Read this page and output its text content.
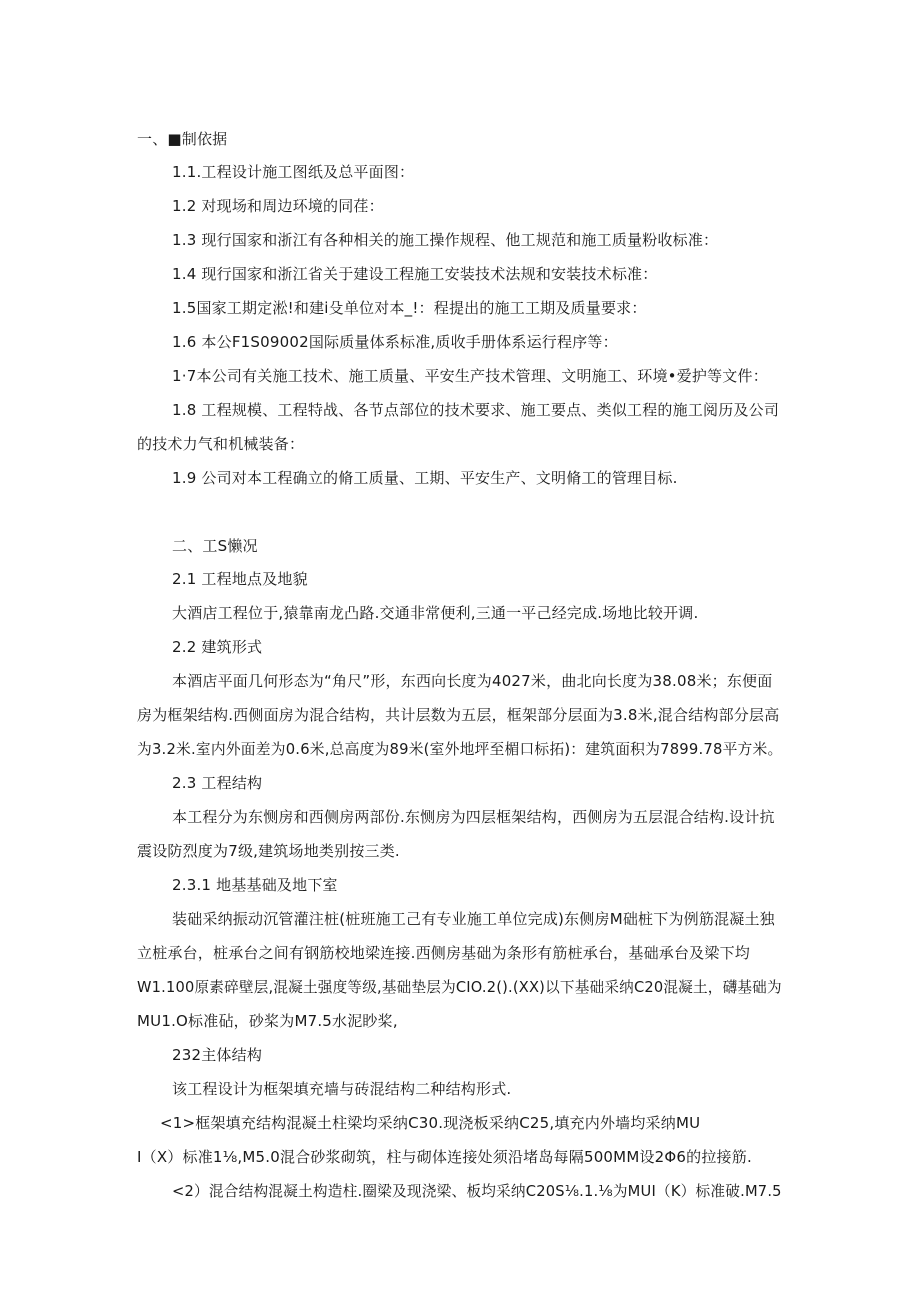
一、■制依据
1.1.工程设计施工图纸及总平面图：
1.2 对现场和周边环境的同荏：
1.3 现行国家和浙江有各种相关的施工操作规程、他工规范和施工质量粉收标准：
1.4 现行国家和浙江省关于建设工程施工安装技术法规和安装技术标准：
1.5国家工期定淞!和建i殳单位对本_!：程提出的施工工期及质量要求：
1.6 本公F1S09002国际质量体系标准,质收手册体系运行程序等：
1·7本公司有关施工技术、施工质量、平安生产技术管理、文明施工、环境•爱护等文件：
1.8 工程规模、工程特战、各节点部位的技术要求、施工要点、类似工程的施工阅历及公司
的技术力气和机械装备：
1.9 公司对本工程确立的脩工质量、工期、平安生产、文明脩工的管理目标.
二、工S懒况
2.1 工程地点及地貌
大酒店工程位于,猿靠南龙凸路.交通非常便利,三通一平己经完成.场地比较开调.
2.2 建筑形式
本酒店平面几何形态为“角尺”形，东西向长度为4027米，曲北向长度为38.08米；东便面
房为框架结构.西侧面房为混合结构，共计层数为五层，框架部分层面为3.8米,混合结构部分层高
为3.2米.室内外面差为0.6米,总高度为89米(室外地坪至楣口标拓)：建筑面积为7899.78平方米。
2.3 工程结构
本工程分为东恻房和西侧房两部份.东恻房为四层框架结构，西侧房为五层混合结构.设计抗
震设防烈度为7级,建筑场地类别按三类.
2.3.1 地基基础及地下室
装础采纳振动沉管灌注桩(桩班施工己有专业施工单位完成)东侧房M础桩下为例筋混凝土独
立桩承台，桩承台之间有钢筋校地梁连接.西侧房基础为条形有筋桩承台，基础承台及梁下均
W1.100原素碎壁层,混凝土强度等级,基础垫层为CIO.2().(XX)以下基础采纳C20混凝土，礴基础为
MU1.O标准砧，砂桨为M7.5水泥眇桨,
232主体结构
该工程设计为框架填充墙与砖混结构二种结构形式.
<1>框架填充结构混凝土柱梁均采纳C30.现浇板采纳C25,填充内外墙均采纳MU
I（X）标准1⅛,M5.0混合砂浆砌筑，柱与砌体连接处须沿堵岛每隔500MM设2Φ6的拉接筋.
<2）混合结构混凝土构造柱.圈梁及现浇梁、板均采纳C20S⅛.1.⅛为MUI（K）标准破.M7.5
